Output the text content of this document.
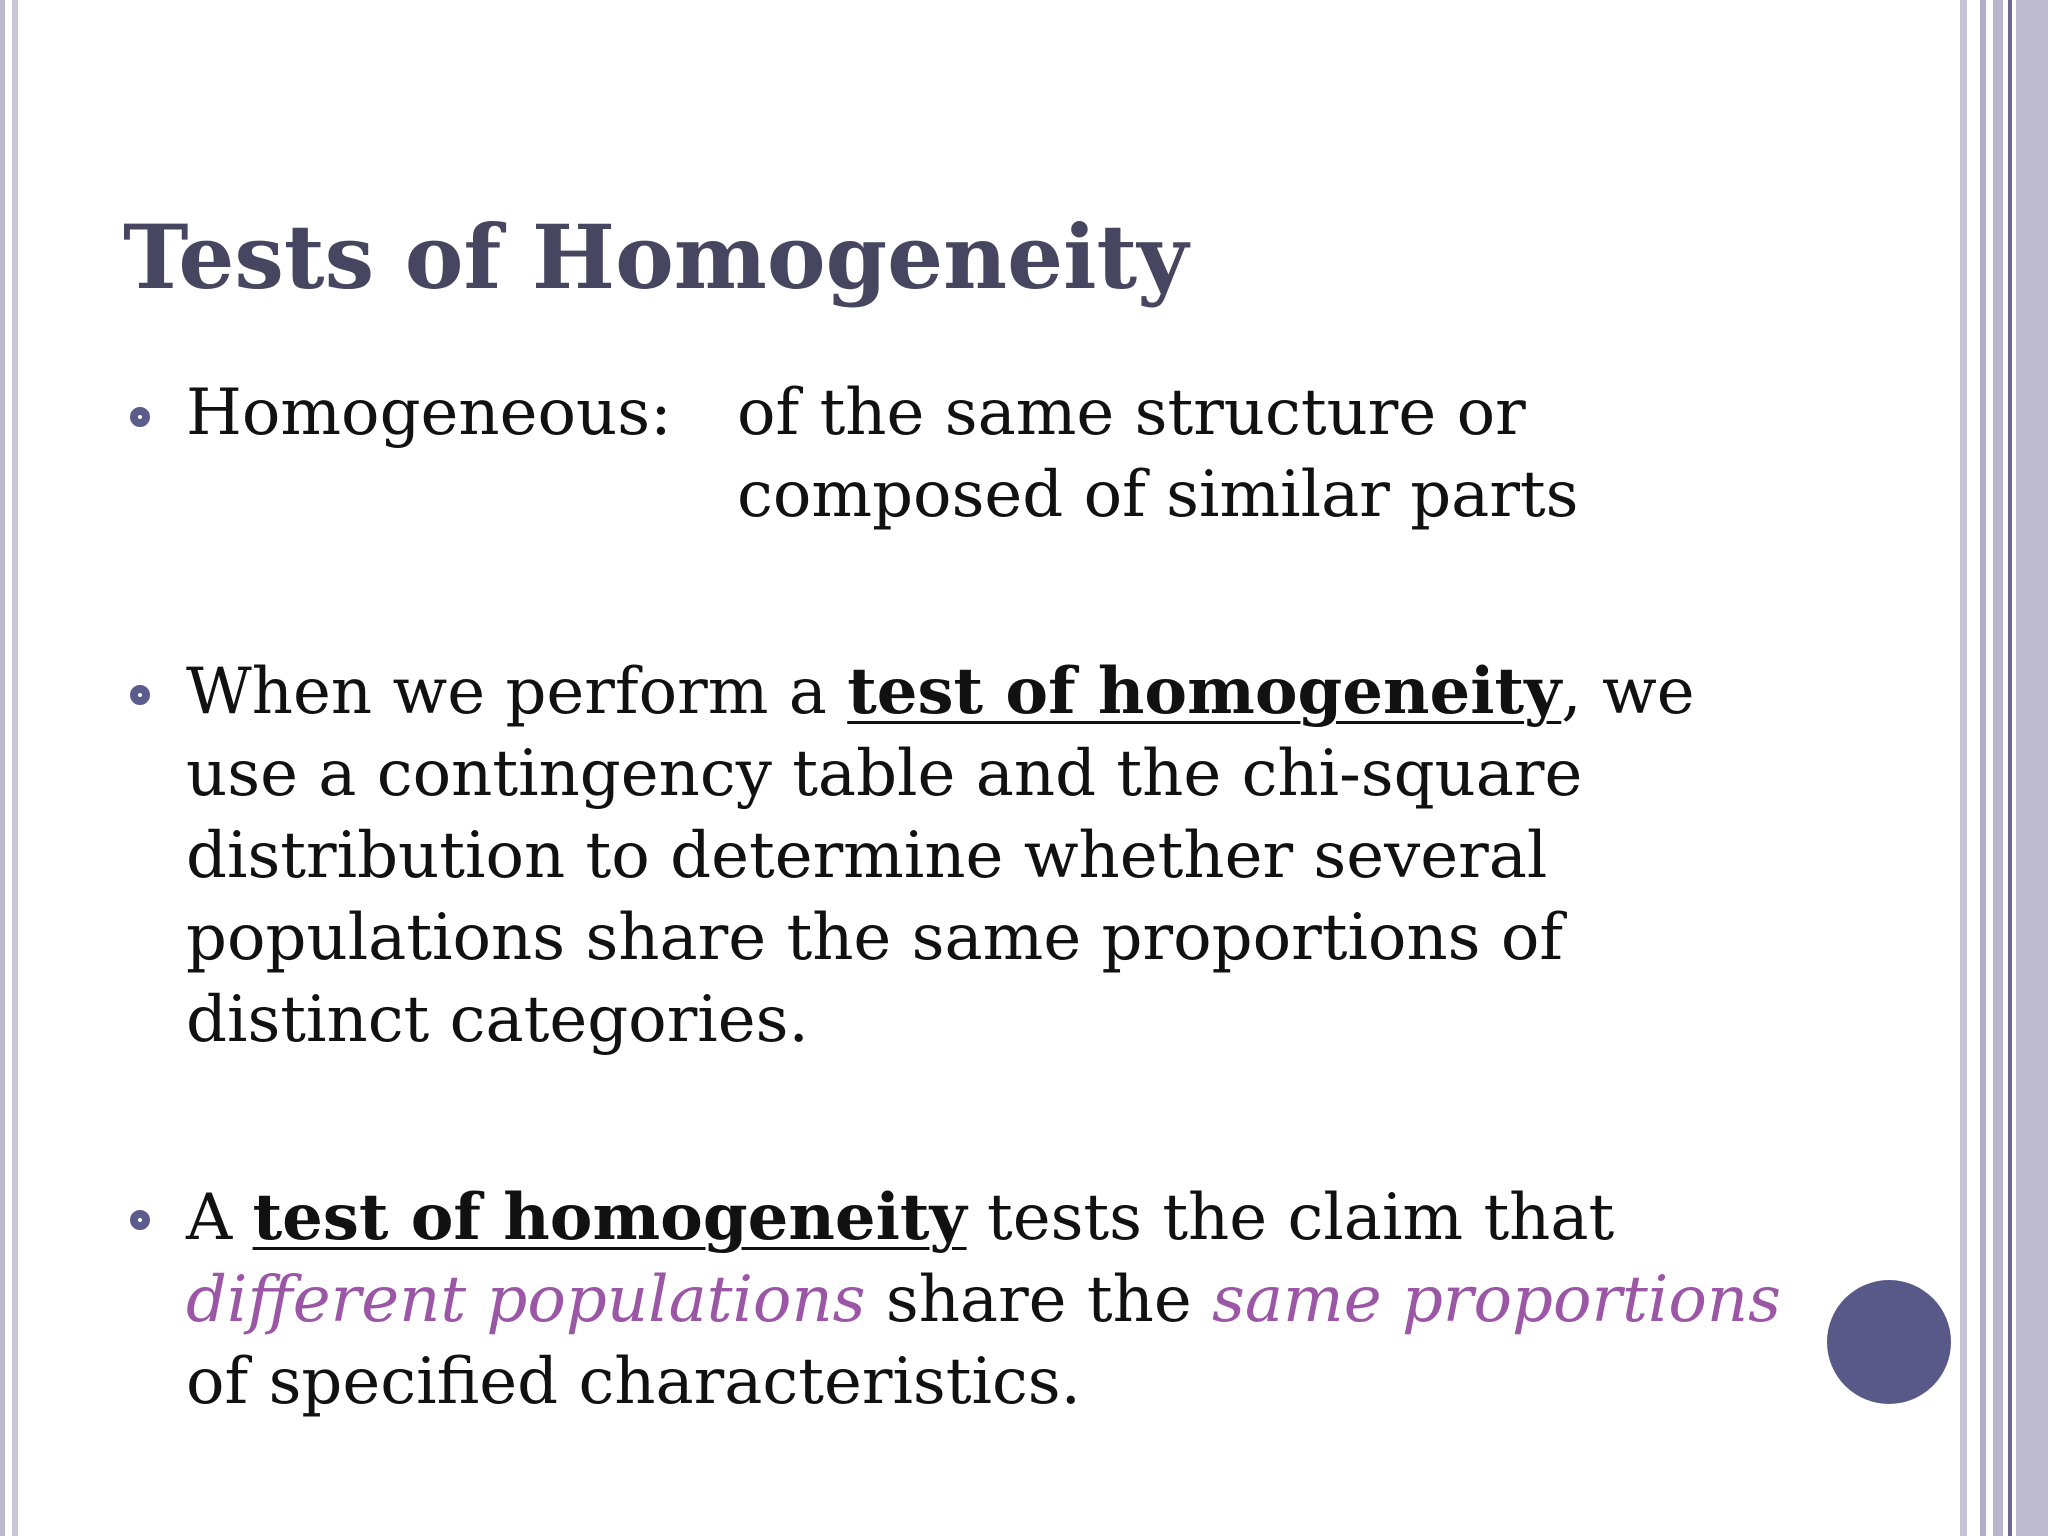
Tests of Homogeneity
Homogeneous: of the same structure or
composed of similar parts
When we perform a test of homogeneity, we
use a contingency table and the chi-square
distribution to determine whether several
populations share the same proportions of
distinct categories.
A test of homogeneity tests the claim that
different populations share the same proportions
of specified characteristics.
